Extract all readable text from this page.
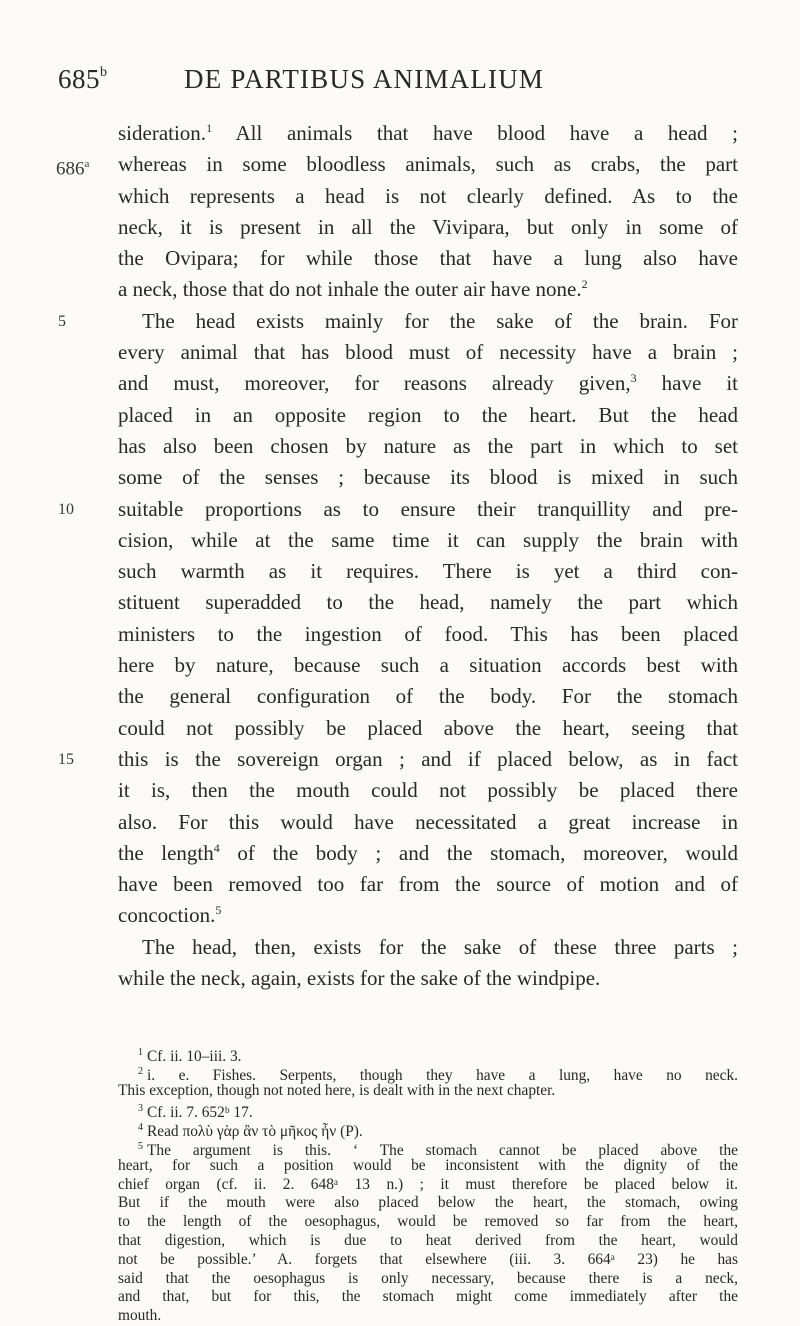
685$^b$	DE PARTIBUS ANIMALIUM
sideration.$^1$ All animals that have blood have a head ;
686$^a$	whereas in some bloodless animals, such as crabs, the part
which represents a head is not clearly defined. As to the
neck, it is present in all the Vivipara, but only in some of
the Ovipara; for while those that have a lung also have
a neck, those that do not inhale the outer air have none.$^2$
5	The head exists mainly for the sake of the brain. For
every animal that has blood must of necessity have a brain ;
and must, moreover, for reasons already given,$^3$ have it
placed in an opposite region to the heart. But the head
has also been chosen by nature as the part in which to set
some of the senses ; because its blood is mixed in such
10	suitable proportions as to ensure their tranquillity and pre-
cision, while at the same time it can supply the brain with
such warmth as it requires. There is yet a third con-
stituent superadded to the head, namely the part which
ministers to the ingestion of food. This has been placed
here by nature, because such a situation accords best with
the general configuration of the body. For the stomach
could not possibly be placed above the heart, seeing that
15	this is the sovereign organ ; and if placed below, as in fact
it is, then the mouth could not possibly be placed there
also. For this would have necessitated a great increase in
the length$^4$ of the body ; and the stomach, moreover, would
have been removed too far from the source of motion and of
concoction.$^5$
The head, then, exists for the sake of these three parts ;
while the neck, again, exists for the sake of the windpipe.
$^1$ Cf. ii. 10–iii. 3.
$^2$ i. e. Fishes. Serpents, though they have a lung, have no neck.
This exception, though not noted here, is dealt with in the next chapter.
$^3$ Cf. ii. 7. 652ᵇ 17.
$^4$ Read πολὺ γὰρ ἂν τὸ μῆκος ἦν (P).
$^5$ The argument is this. ‘ The stomach cannot be placed above the
heart, for such a position would be inconsistent with the dignity of the
chief organ (cf. ii. 2. 648ᵃ 13 n.) ; it must therefore be placed below it.
But if the mouth were also placed below the heart, the stomach, owing
to the length of the oesophagus, would be removed so far from the heart,
that digestion, which is due to heat derived from the heart, would
not be possible.’ A. forgets that elsewhere (iii. 3. 664ᵃ 23) he has
said that the oesophagus is only necessary, because there is a neck,
and that, but for this, the stomach might come immediately after the
mouth.
